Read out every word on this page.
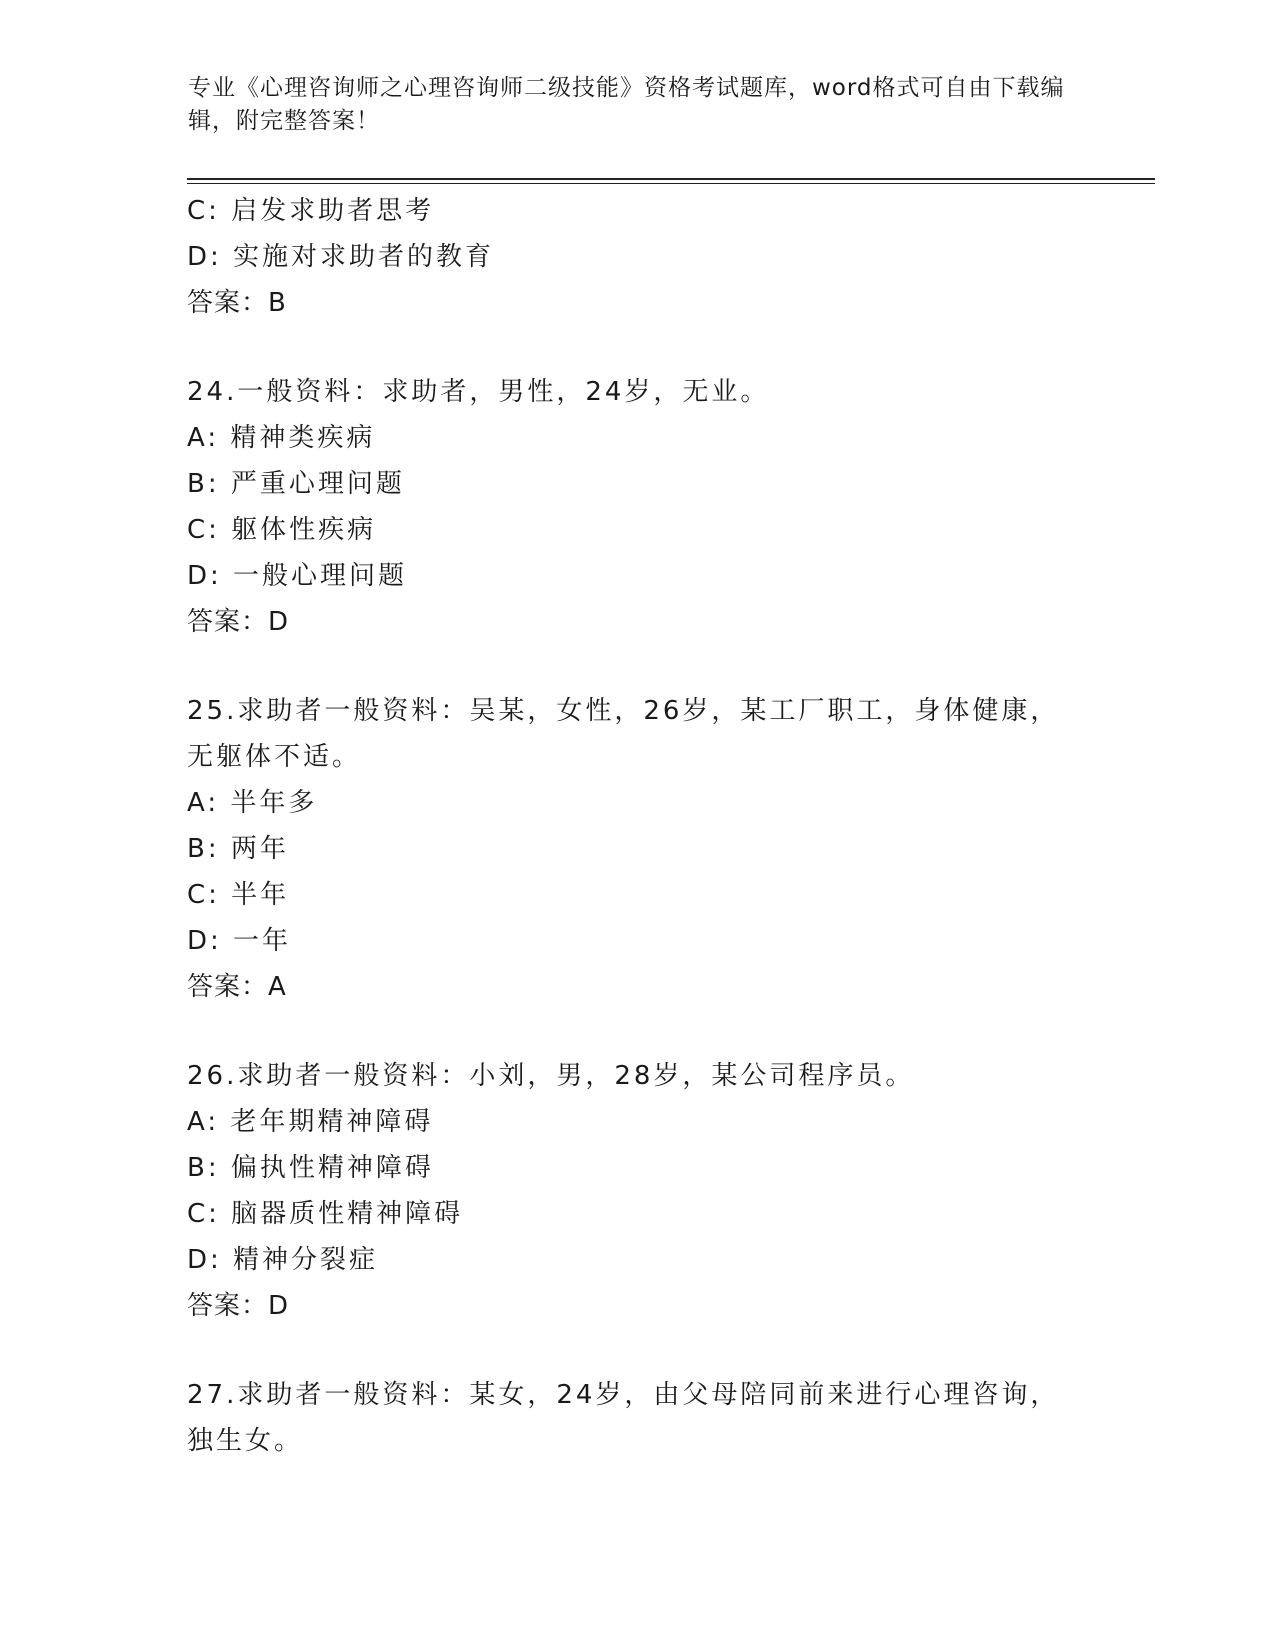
专业《心理咨询师之心理咨询师二级技能》资格考试题库，word格式可自由下载编辑，附完整答案！
C: 启发求助者思考
D: 实施对求助者的教育
答案：B
24.一般资料：求助者，男性，24岁，无业。
A: 精神类疾病
B: 严重心理问题
C: 躯体性疾病
D: 一般心理问题
答案：D
25.求助者一般资料：吴某，女性，26岁，某工厂职工，身体健康，无躯体不适。
A: 半年多
B: 两年
C: 半年
D: 一年
答案：A
26.求助者一般资料：小刘，男，28岁，某公司程序员。
A: 老年期精神障碍
B: 偏执性精神障碍
C: 脑器质性精神障碍
D: 精神分裂症
答案：D
27.求助者一般资料：某女，24岁，由父母陪同前来进行心理咨询，独生女。
